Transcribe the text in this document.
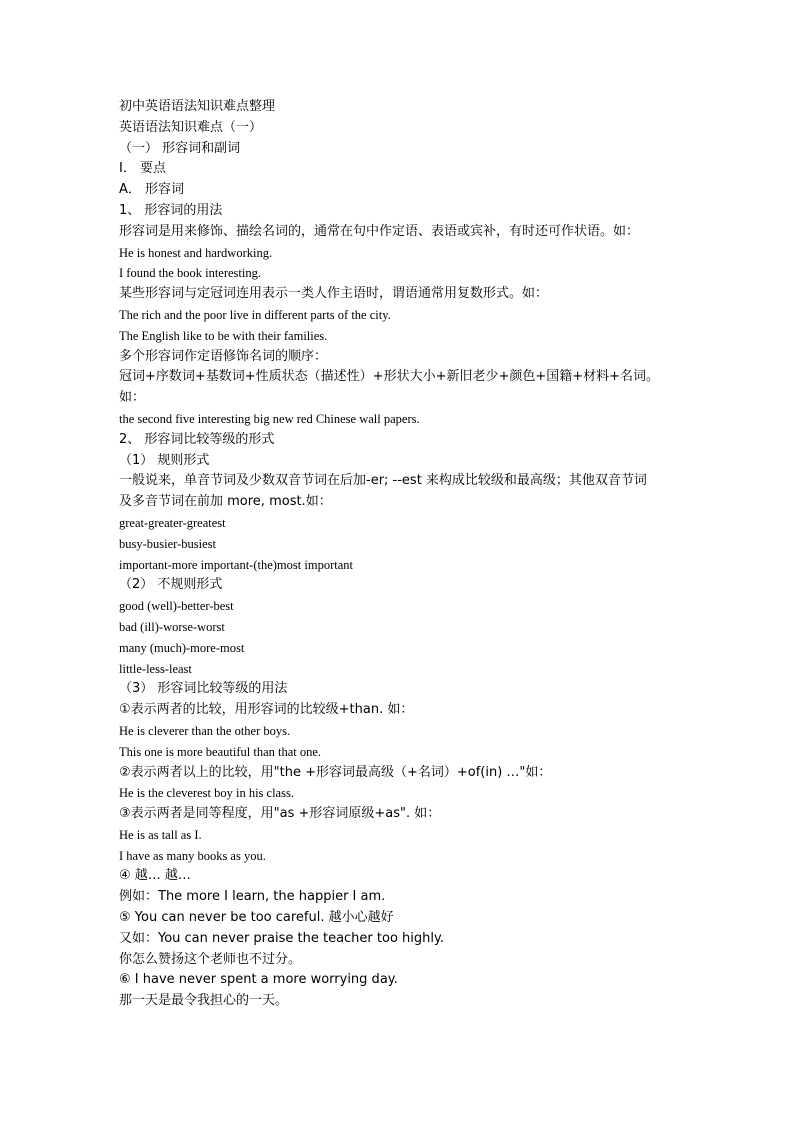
初中英语语法知识难点整理
英语语法知识难点（一）
（一） 形容词和副词
I． 要点
A． 形容词
1、 形容词的用法
形容词是用来修饰、描绘名词的，通常在句中作定语、表语或宾补，有时还可作状语。如：
He is honest and hardworking.
I found the book interesting.
某些形容词与定冠词连用表示一类人作主语时，谓语通常用复数形式。如：
The rich and the poor live in different parts of the city.
The English like to be with their families.
多个形容词作定语修饰名词的顺序：
冠词+序数词+基数词+性质状态（描述性）+形状大小+新旧老少+颜色+国籍+材料+名词。
如：
the second five interesting big new red Chinese wall papers.
2、 形容词比较等级的形式
（1） 规则形式
一般说来，单音节词及少数双音节词在后加-er; --est 来构成比较级和最高级；其他双音节词
及多音节词在前加 more, most.如：
great-greater-greatest
busy-busier-busiest
important-more important-(the)most important
（2） 不规则形式
good (well)-better-best
bad (ill)-worse-worst
many (much)-more-most
little-less-least
（3） 形容词比较等级的用法
①表示两者的比较，用形容词的比较级+than. 如：
He is cleverer than the other boys.
This one is more beautiful than that one.
②表示两者以上的比较，用"the +形容词最高级（+名词）+of(in) …"如：
He is the cleverest boy in his class.
③表示两者是同等程度，用"as +形容词原级+as". 如：
He is as tall as I.
I have as many books as you.
④ 越… 越…
例如：The more I learn, the happier I am.
⑤ You can never be too careful. 越小心越好
又如：You can never praise the teacher too highly.
你怎么赞扬这个老师也不过分。
⑥ I have never spent a more worrying day.
那一天是最令我担心的一天。
